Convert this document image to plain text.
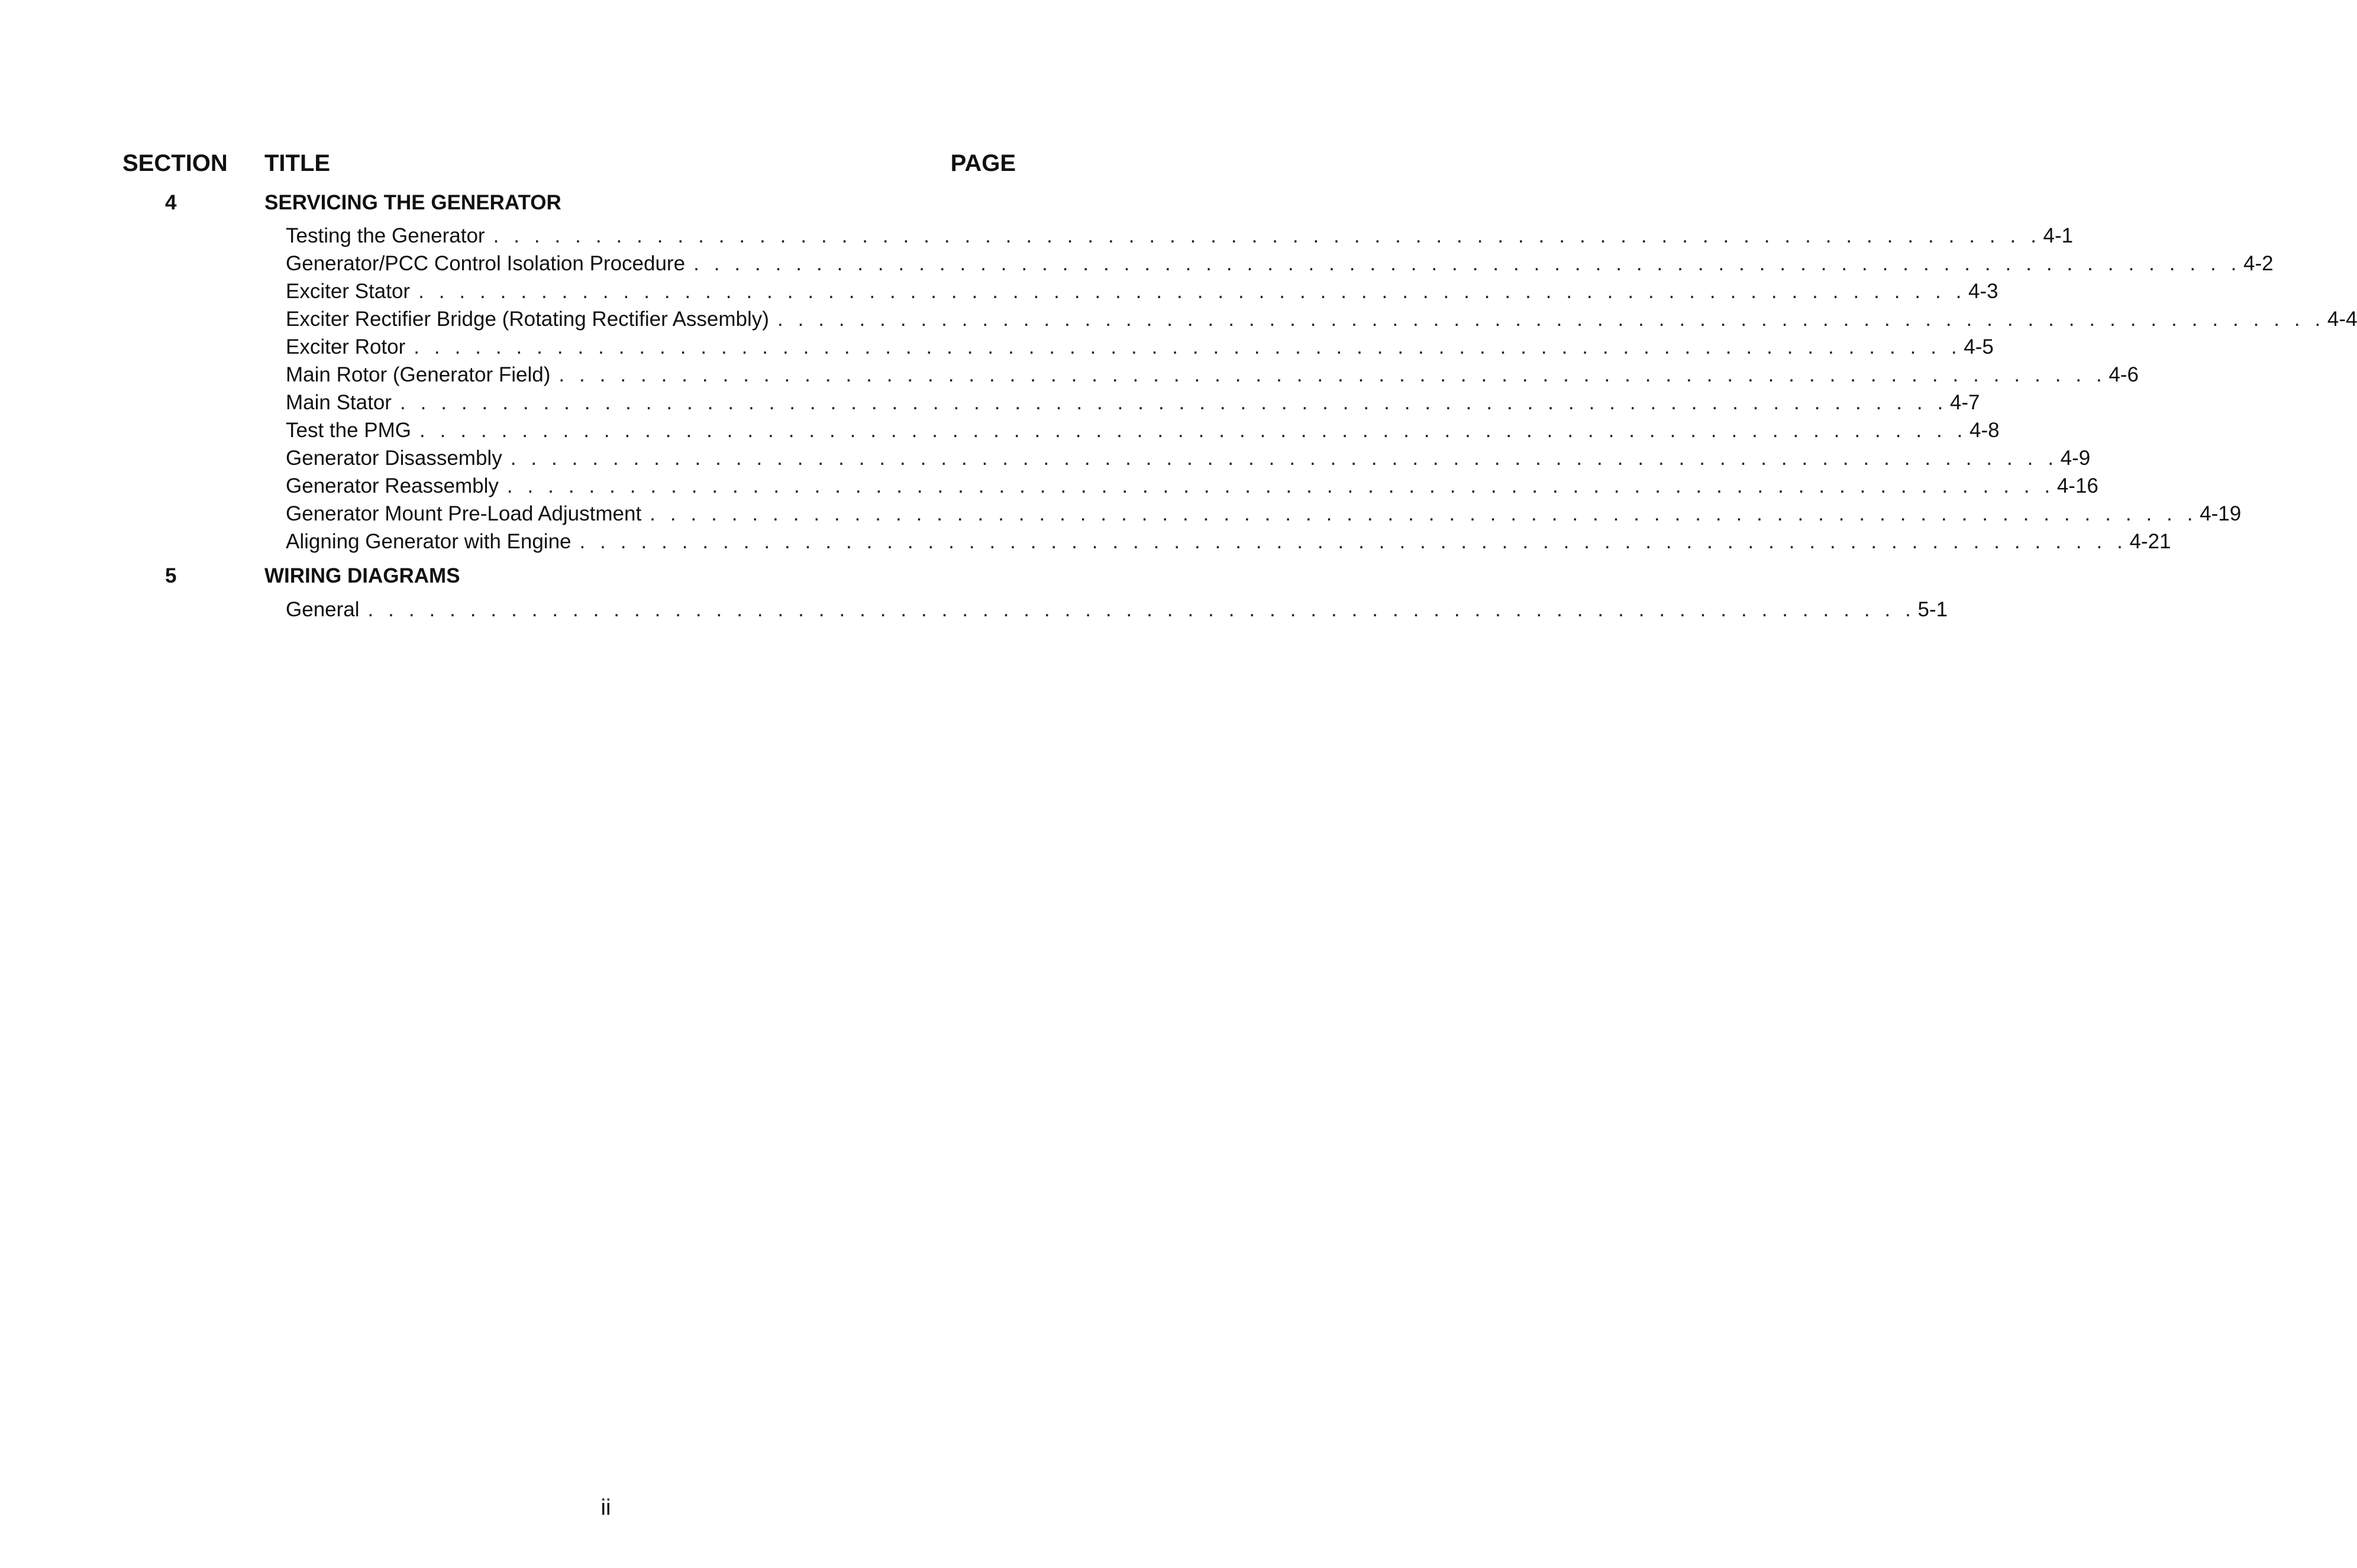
SECTION TITLE	PAGE
4	SERVICING THE GENERATOR
Testing the Generator . . . . . . . . . . . . . . . . . . . . . . . . . . . . . . . . . . . . . . . . . . . . . . . . . . . . . . . . . . . . . . . . . . . . . . . . . . . . 4-1
Generator/PCC Control Isolation Procedure . . . . . . . . . . . . . . . . . . . . . . . . . . . . . . . . . . . . . . . . . . . . . . . . . . . . . . . . . . . . . . . . . . . . . . . . . . . . 4-2
Exciter Stator . . . . . . . . . . . . . . . . . . . . . . . . . . . . . . . . . . . . . . . . . . . . . . . . . . . . . . . . . . . . . . . . . . . . . . . . . . . . 4-3
Exciter Rectifier Bridge (Rotating Rectifier Assembly) . . . . . . . . . . . . . . . . . . . . . . . . . . . . . . . . . . . . . . . . . . . . . . . . . . . . . . . . . . . . . . . . . . . . . . . . . . . . 4-4
Exciter Rotor . . . . . . . . . . . . . . . . . . . . . . . . . . . . . . . . . . . . . . . . . . . . . . . . . . . . . . . . . . . . . . . . . . . . . . . . . . . . 4-5
Main Rotor (Generator Field) . . . . . . . . . . . . . . . . . . . . . . . . . . . . . . . . . . . . . . . . . . . . . . . . . . . . . . . . . . . . . . . . . . . . . . . . . . . . 4-6
Main Stator . . . . . . . . . . . . . . . . . . . . . . . . . . . . . . . . . . . . . . . . . . . . . . . . . . . . . . . . . . . . . . . . . . . . . . . . . . . . 4-7
Test the PMG . . . . . . . . . . . . . . . . . . . . . . . . . . . . . . . . . . . . . . . . . . . . . . . . . . . . . . . . . . . . . . . . . . . . . . . . . . . . 4-8
Generator Disassembly . . . . . . . . . . . . . . . . . . . . . . . . . . . . . . . . . . . . . . . . . . . . . . . . . . . . . . . . . . . . . . . . . . . . . . . . . . . . 4-9
Generator Reassembly . . . . . . . . . . . . . . . . . . . . . . . . . . . . . . . . . . . . . . . . . . . . . . . . . . . . . . . . . . . . . . . . . . . . . . . . . . . . 4-16
Generator Mount Pre-Load Adjustment . . . . . . . . . . . . . . . . . . . . . . . . . . . . . . . . . . . . . . . . . . . . . . . . . . . . . . . . . . . . . . . . . . . . . . . . . . . . 4-19
Aligning Generator with Engine . . . . . . . . . . . . . . . . . . . . . . . . . . . . . . . . . . . . . . . . . . . . . . . . . . . . . . . . . . . . . . . . . . . . . . . . . . . . 4-21
5	WIRING DIAGRAMS
General . . . . . . . . . . . . . . . . . . . . . . . . . . . . . . . . . . . . . . . . . . . . . . . . . . . . . . . . . . . . . . . . . . . . . . . . . . . . 5-1
ii
